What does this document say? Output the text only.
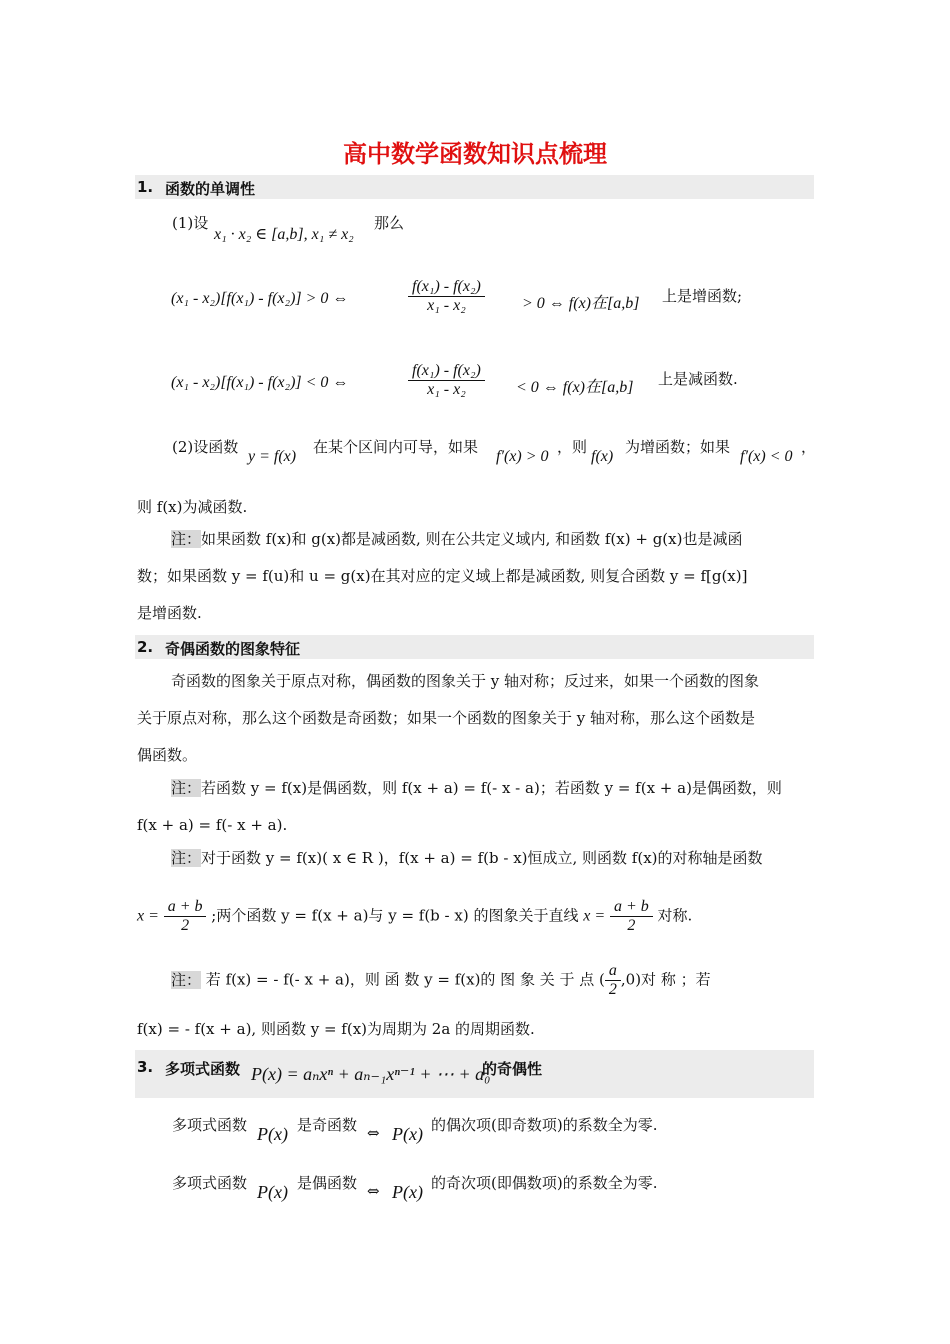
高中数学函数知识点梳理
1. 函数的单调性
(1)设
x₁ · x₂ ∈ [a,b], x₁ ≠ x₂
那么
(x₁ - x₂)[f(x₁) - f(x₂)] > 0 ⇔	$\frac{\text{f(x₁) - f(x₂)}}{\text{x₁ - x₂}} > 0$ ⇔ f(x)在[a,b] 上是增函数;
(x₁ - x₂)[f(x₁) - f(x₂)] < 0 ⇔	$\frac{\text{f(x₁) - f(x₂)}}{\text{x₁ - x₂}} < 0$ ⇔ f(x)在[a,b] 上是减函数.
(2)设函数
y = f(x)
在某个区间内可导，如果
f′(x) > 0
，则
f(x)
为增函数；如果
f′(x) < 0
，
则 f(x)为减函数.
注：如果函数 f(x)和 g(x)都是减函数, 则在公共定义域内, 和函数 f(x) + g(x)也是减函
数；如果函数 y = f(u)和 u = g(x)在其对应的定义域上都是减函数, 则复合函数 y = f[g(x)]
是增函数.
2. 奇偶函数的图象特征
奇函数的图象关于原点对称，偶函数的图象关于 y 轴对称；反过来，如果一个函数的图象
关于原点对称，那么这个函数是奇函数；如果一个函数的图象关于 y 轴对称，那么这个函数是
偶函数。
注：若函数 y = f(x)是偶函数，则 f(x + a) = f(- x - a)；若函数 y = f(x + a)是偶函数，则
f(x + a) = f(- x + a).
注：对于函数 y = f(x)( x ∈ R )，f(x + a) = f(b - x)恒成立, 则函数 f(x)的对称轴是函数
$x = \frac{a + b}{2}$ ;两个函数 y = f(x + a)与 y = f(b - x) 的图象关于直线 $x = \frac{a + b}{2}$ 对称.
注： 若 f(x) = - f(- x + a)，则 函 数 y = f(x)的 图 象 关 于 点 ( $\frac{a}{2} ,0$)对 称 ；若
f(x) = - f(x + a), 则函数 y = f(x)为周期为 2a 的周期函数.
3. 多项式函数 P(x) = aₙxⁿ + aₙ₋₁xⁿ⁻¹ + ⋯ + a₀
的奇偶性
多项式函数 P(x) 是奇函数 ⇔ P(x) 的偶次项(即奇数项)的系数全为零.
多项式函数 P(x) 是偶函数 ⇔ P(x) 的奇次项(即偶数项)的系数全为零.
